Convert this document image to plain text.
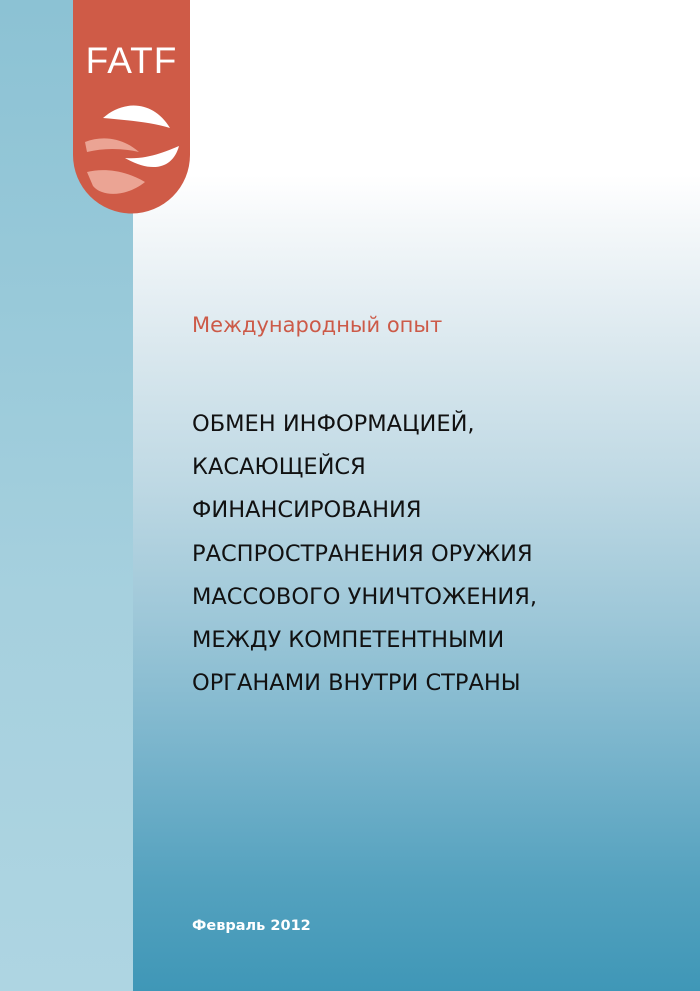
FATF
Международный опыт
ОБМЕН ИНФОРМАЦИЕЙ,
КАСАЮЩЕЙСЯ
ФИНАНСИРОВАНИЯ
РАСПРОСТРАНЕНИЯ ОРУЖИЯ
МАССОВОГО УНИЧТОЖЕНИЯ,
МЕЖДУ КОМПЕТЕНТНЫМИ
ОРГАНАМИ ВНУТРИ СТРАНЫ
Февраль 2012
